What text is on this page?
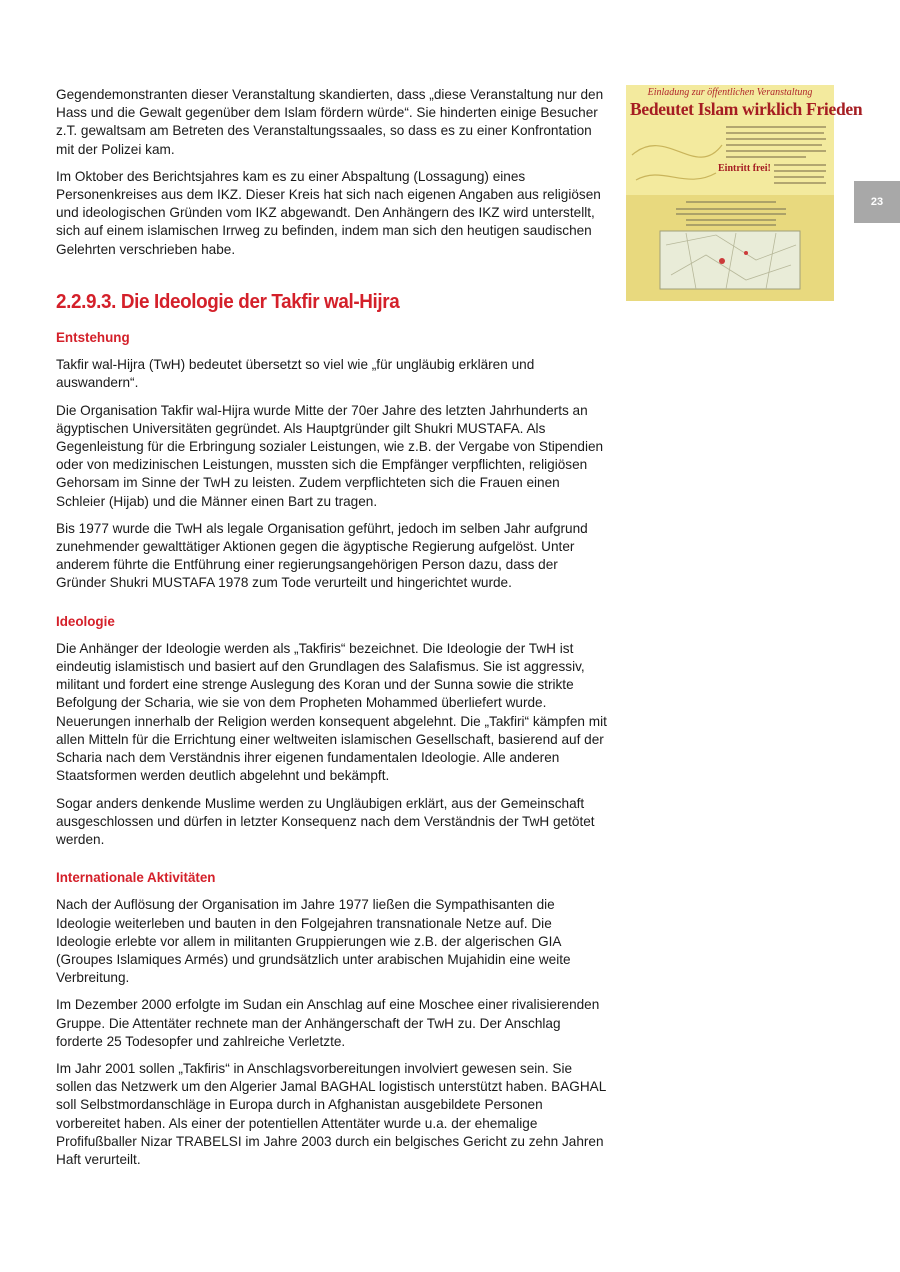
Gegendemonstranten dieser Veranstaltung skandierten, dass „diese Veranstaltung nur den Hass und die Gewalt gegenüber dem Islam fördern würde“. Sie hinderten einige Besucher z.T. gewaltsam am Betreten des Veranstaltungssaales, so dass es zu einer Konfrontation mit der Polizei kam.

Im Oktober des Berichtsjahres kam es zu einer Abspaltung (Lossagung) eines Personenkreises aus dem IKZ. Dieser Kreis hat sich nach eigenen Angaben aus religiösen und ideologischen Gründen vom IKZ abgewandt. Den Anhängern des IKZ wird unterstellt, sich auf einem islamischen Irrweg zu befinden, indem man sich den heutigen saudischen Gelehrten verschrieben habe.

2.2.9.3. Die Ideologie der Takfir wal-Hijra
Entstehung

Takfir wal-Hijra (TwH) bedeutet übersetzt so viel wie „für ungläubig erklären und auswandern“.

Die Organisation Takfir wal-Hijra wurde Mitte der 70er Jahre des letzten Jahrhunderts an ägyptischen Universitäten gegründet. Als Hauptgründer gilt Shukri MUSTAFA. Als Gegenleistung für die Erbringung sozialer Leistungen, wie z.B. der Vergabe von Stipendien oder von medizinischen Leistungen, mussten sich die Empfänger verpflichten, religiösen Gehorsam im Sinne der TwH zu leisten. Zudem verpflichteten sich die Frauen einen Schleier (Hijab) und die Männer einen Bart zu tragen.

Bis 1977 wurde die TwH als legale Organisation geführt, jedoch im selben Jahr aufgrund zunehmender gewalttätiger Aktionen gegen die ägyptische Regierung aufgelöst. Unter anderem führte die Entführung einer regierungsangehörigen Person dazu, dass der Gründer Shukri MUSTAFA 1978 zum Tode verurteilt und hingerichtet wurde.

Ideologie

Die Anhänger der Ideologie werden als „Takfiris“ bezeichnet. Die Ideologie der TwH ist eindeutig islamistisch und basiert auf den Grundlagen des Salafismus. Sie ist aggressiv, militant und fordert eine strenge Auslegung des Koran und der Sunna sowie die strikte Befolgung der Scharia, wie sie von dem Propheten Mohammed überliefert wurde. Neuerungen innerhalb der Religion werden konsequent abgelehnt. Die „Takfiri“ kämpfen mit allen Mitteln für die Errichtung einer weltweiten islamischen Gesellschaft, basierend auf der Scharia nach dem Verständnis ihrer eigenen fundamentalen Ideologie. Alle anderen Staatsformen werden deutlich abgelehnt und bekämpft.

Sogar anders denkende Muslime werden zu Ungläubigen erklärt, aus der Gemeinschaft ausgeschlossen und dürfen in letzter Konsequenz nach dem Verständnis der TwH getötet werden.

Internationale Aktivitäten

Nach der Auflösung der Organisation im Jahre 1977 ließen die Sympathisanten die Ideologie weiterleben und bauten in den Folgejahren transnationale Netze auf. Die Ideologie erlebte vor allem in militanten Gruppierungen wie z.B. der algerischen GIA (Groupes Islamiques Armés) und grundsätzlich unter arabischen Mujahidin eine weite Verbreitung.

Im Dezember 2000 erfolgte im Sudan ein Anschlag auf eine Moschee einer rivalisierenden Gruppe. Die Attentäter rechnete man der Anhängerschaft der TwH zu. Der Anschlag forderte 25 Todesopfer und zahlreiche Verletzte.

Im Jahr 2001 sollen „Takfiris“ in Anschlagsvorbereitungen involviert gewesen sein. Sie sollen das Netzwerk um den Algerier Jamal BAGHAL logistisch unterstützt haben. BAGHAL soll Selbstmordanschläge in Europa durch in Afghanistan ausgebildete Personen vorbereitet haben. Als einer der potentiellen Attentäter wurde u.a. der ehemalige Profifußballer Nizar TRABELSI im Jahre 2003 durch ein belgisches Gericht zu zehn Jahren Haft verurteilt.

Einladung zur öffentlichen Veranstaltung
Bedeutet Islam wirklich Frieden
Eintritt frei!
23
